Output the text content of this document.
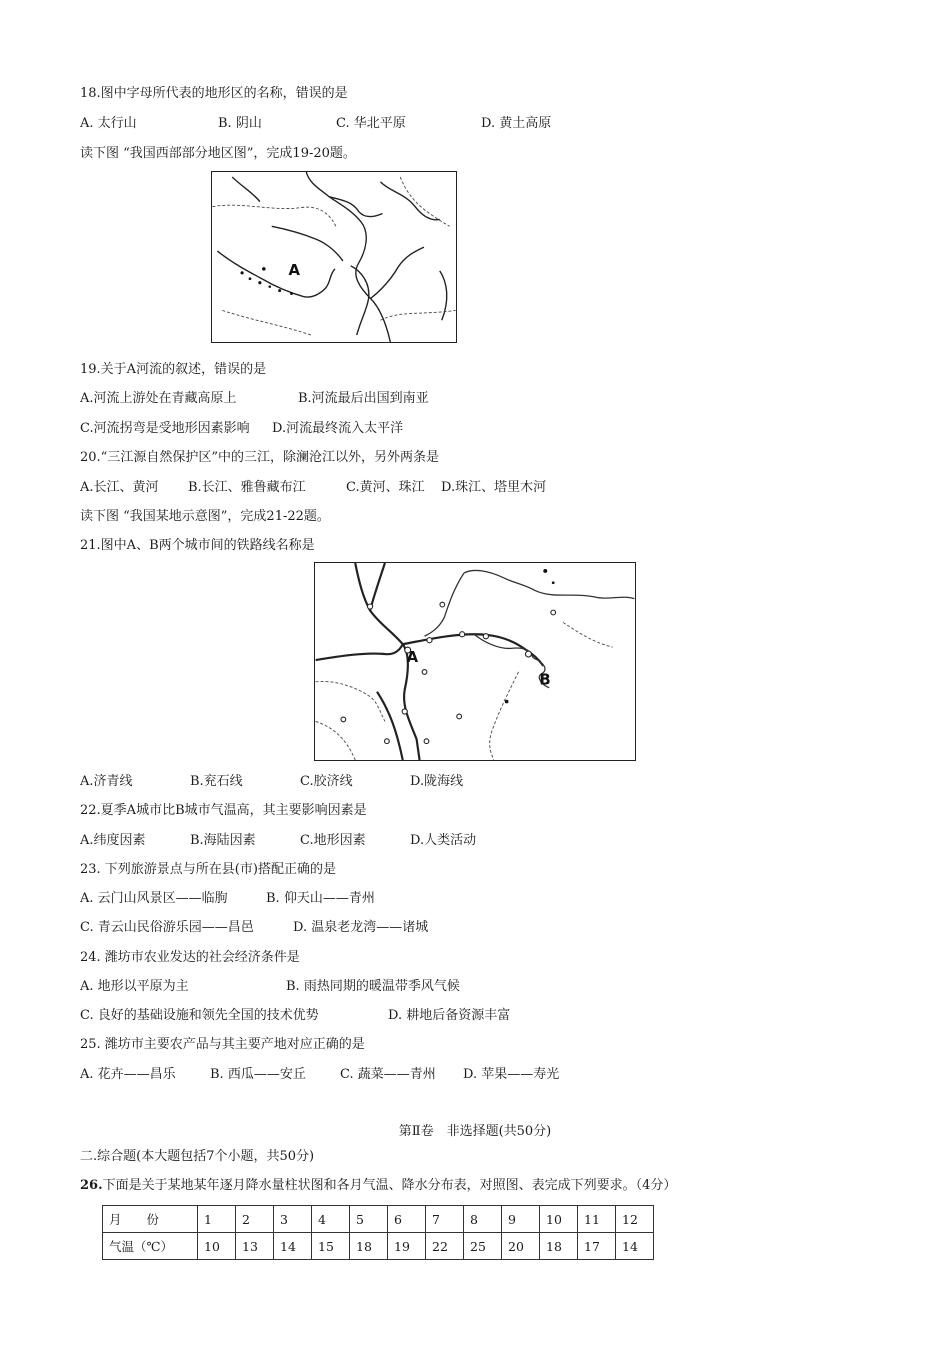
18.图中字母所代表的地形区的名称，错误的是
A. 太行山	B. 阴山	C. 华北平原	D. 黄土高原
读下图 “我国西部部分地区图”，完成19-20题。
A
19.关于A河流的叙述，错误的是
A.河流上游处在青藏高原上	B.河流最后出国到南亚
C.河流拐弯是受地形因素影响 D.河流最终流入太平洋
20.“三江源自然保护区”中的三江，除澜沧江以外，另外两条是
A.长江、黄河 B.长江、雅鲁藏布江	C.黄河、珠江 D.珠江、塔里木河
读下图 “我国某地示意图”，完成21-22题。
21.图中A、B两个城市间的铁路线名称是
A
B
A.济青线	B.兖石线	C.胶济线	D.陇海线
22.夏季A城市比B城市气温高，其主要影响因素是
A.纬度因素	B.海陆因素	C.地形因素	D.人类活动
23. 下列旅游景点与所在县(市)搭配正确的是
A. 云门山风景区——临朐	B. 仰天山——青州
C. 青云山民俗游乐园——昌邑	D. 温泉老龙湾——诸城
24. 潍坊市农业发达的社会经济条件是
A. 地形以平原为主	B. 雨热同期的暖温带季风气候
C. 良好的基础设施和领先全国的技术优势	D. 耕地后备资源丰富
25. 潍坊市主要农产品与其主要产地对应正确的是
A. 花卉——昌乐	B. 西瓜——安丘	C. 蔬菜——青州 D. 苹果——寿光
第Ⅱ卷　非选择题(共50分)
二.综合题(本大题包括7个小题，共50分)
26.下面是关于某地某年逐月降水量柱状图和各月气温、降水分布表，对照图、表完成下列要求。（4分）
月　　份	1	2	3	4	5	6	7	8	9	10	11	12
气温（℃）	10	13	14	15	18	19	22	25	20	18	17	14
